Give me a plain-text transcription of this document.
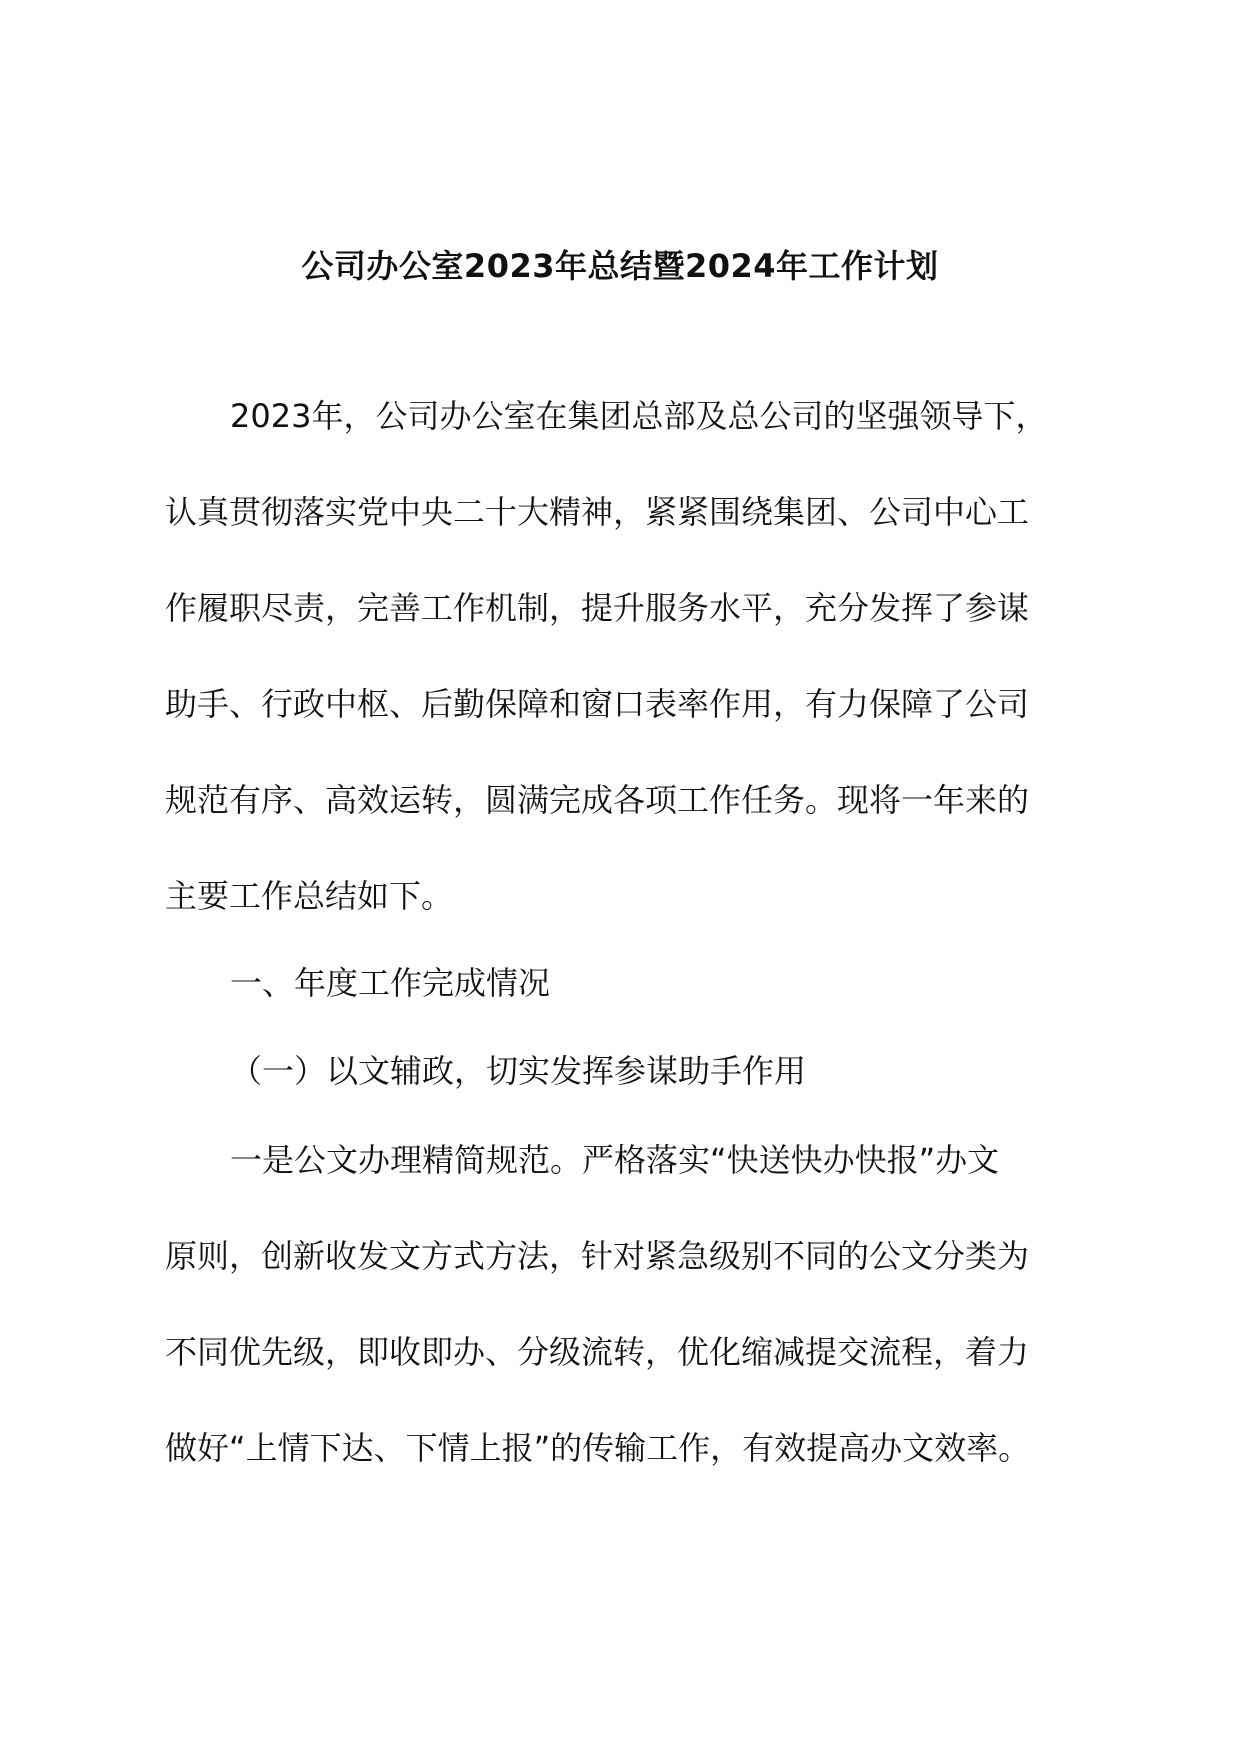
公司办公室2023年总结暨2024年工作计划
2023年，公司办公室在集团总部及总公司的坚强领导下，
认真贯彻落实党中央二十大精神，紧紧围绕集团、公司中心工
作履职尽责，完善工作机制，提升服务水平，充分发挥了参谋
助手、行政中枢、后勤保障和窗口表率作用，有力保障了公司
规范有序、高效运转，圆满完成各项工作任务。现将一年来的
主要工作总结如下。
一、年度工作完成情况
（一）以文辅政，切实发挥参谋助手作用
一是公文办理精简规范。严格落实“快送快办快报”办文
原则，创新收发文方式方法，针对紧急级别不同的公文分类为
不同优先级，即收即办、分级流转，优化缩减提交流程，着力
做好“上情下达、下情上报”的传输工作，有效提高办文效率。
